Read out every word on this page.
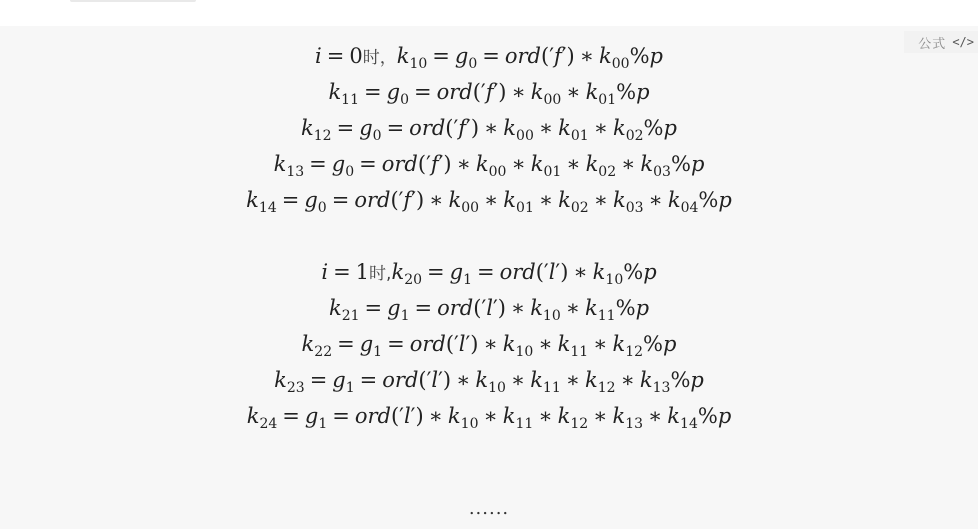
公式 </>
i = 0时，$k_{10} = g_0 = ord('f')$ ∗ $k_{00}\%p$
$k_{11} = g_0 = ord('f')$ ∗ $k_{00}$ ∗ $k_{01}\%p$
$k_{12} = g_0 = ord('f')$ ∗ $k_{00}$ ∗ $k_{01}$ ∗ $k_{02}\%p$
$k_{13} = g_0 = ord('f')$ ∗ $k_{00}$ ∗ $k_{01}$ ∗ $k_{02}$ ∗ $k_{03}\%p$
$k_{14} = g_0 = ord('f')$ ∗ $k_{00}$ ∗ $k_{01}$ ∗ $k_{02}$ ∗ $k_{03}$ ∗ $k_{04}\%p$
i = 1时$,k_{20} = g_1 = ord('l')$ ∗ $k_{10}\%p$
$k_{21} = g_1 = ord('l')$ ∗ $k_{10}$ ∗ $k_{11}\%p$
$k_{22} = g_1 = ord('l')$ ∗ $k_{10}$ ∗ $k_{11}$ ∗ $k_{12}\%p$
$k_{23} = g_1 = ord('l')$ ∗ $k_{10}$ ∗ $k_{11}$ ∗ $k_{12}$ ∗ $k_{13}\%p$
$k_{24} = g_1 = ord('l')$ ∗ $k_{10}$ ∗ $k_{11}$ ∗ $k_{12}$ ∗ $k_{13}$ ∗ $k_{14}\%p$
......
